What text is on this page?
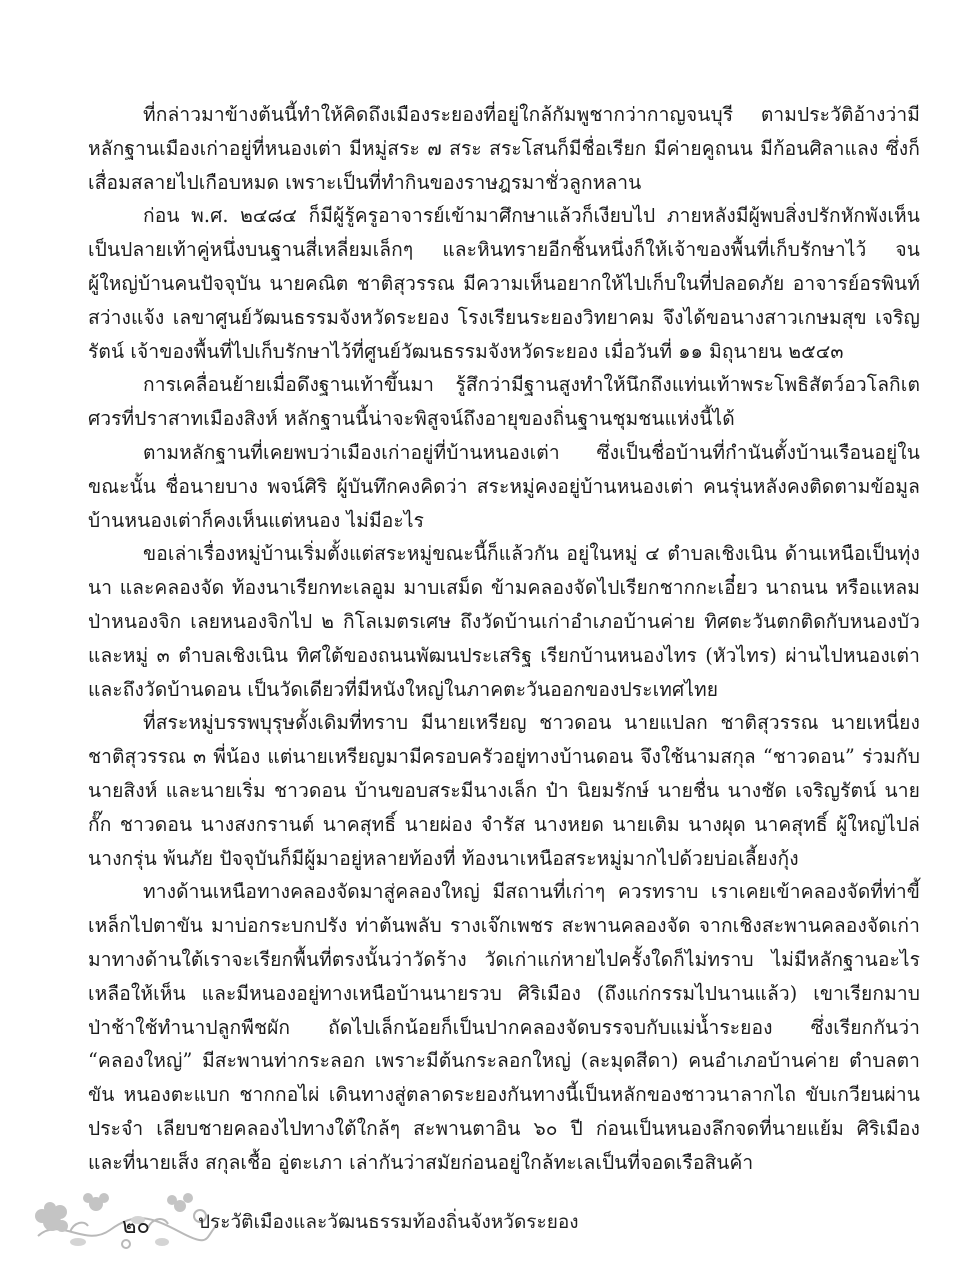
ที่กล่าวมาข้างต้นนี้ทำให้คิดถึงเมืองระยองที่อยู่ใกล้กัมพูชากว่ากาญจนบุรี ตามประวัติอ้างว่ามีหลักฐานเมืองเก่าอยู่ที่หนองเต่า มีหมู่สระ ๗ สระ สระโสนก็มีชื่อเรียก มีค่ายคูถนน มีก้อนศิลาแลง ซึ่งก็เสื่อมสลายไปเกือบหมด เพราะเป็นที่ทำกินของราษฎรมาชั่วลูกหลาน

ก่อน พ.ศ. ๒๔๘๔ ก็มีผู้รู้ครูอาจารย์เข้ามาศึกษาแล้วก็เงียบไป ภายหลังมีผู้พบสิ่งปรักหักพังเห็นเป็นปลายเท้าคู่หนึ่งบนฐานสี่เหลี่ยมเล็กๆ และหินทรายอีกชิ้นหนึ่งก็ให้เจ้าของพื้นที่เก็บรักษาไว้ จนผู้ใหญ่บ้านคนปัจจุบัน นายคณิต ชาติสุวรรณ มีความเห็นอยากให้ไปเก็บในที่ปลอดภัย อาจารย์อรพินท์ สว่างแจ้ง เลขาศูนย์วัฒนธรรมจังหวัดระยอง โรงเรียนระยองวิทยาคม จึงได้ขอนางสาวเกษมสุข เจริญรัตน์ เจ้าของพื้นที่ไปเก็บรักษาไว้ที่ศูนย์วัฒนธรรมจังหวัดระยอง เมื่อวันที่ ๑๑ มิถุนายน ๒๕๔๓

การเคลื่อนย้ายเมื่อดึงฐานเท้าขึ้นมา รู้สึกว่ามีฐานสูงทำให้นึกถึงแท่นเท้าพระโพธิสัตว์อวโลกิเตศวรที่ปราสาทเมืองสิงห์ หลักฐานนี้น่าจะพิสูจน์ถึงอายุของถิ่นฐานชุมชนแห่งนี้ได้

ตามหลักฐานที่เคยพบว่าเมืองเก่าอยู่ที่บ้านหนองเต่า ซึ่งเป็นชื่อบ้านที่กำนันตั้งบ้านเรือนอยู่ในขณะนั้น ชื่อนายบาง พจน์ศิริ ผู้บันทึกคงคิดว่า สระหมู่คงอยู่บ้านหนองเต่า คนรุ่นหลังคงติดตามข้อมูลบ้านหนองเต่าก็คงเห็นแต่หนอง ไม่มีอะไร

ขอเล่าเรื่องหมู่บ้านเริ่มตั้งแต่สระหมู่ขณะนี้ก็แล้วกัน อยู่ในหมู่ ๔ ตำบลเชิงเนิน ด้านเหนือเป็นทุ่งนา และคลองจัด ท้องนาเรียกทะเลอูม มาบเสม็ด ข้ามคลองจัดไปเรียกชากกะเอี๋ยว นาถนน หรือแหลมป่าหนองจิก เลยหนองจิกไป ๒ กิโลเมตรเศษ ถึงวัดบ้านเก่าอำเภอบ้านค่าย ทิศตะวันตกติดกับหนองบัว และหมู่ ๓ ตำบลเชิงเนิน ทิศใต้ของถนนพัฒนประเสริฐ เรียกบ้านหนองไทร (หัวไทร) ผ่านไปหนองเต่าและถึงวัดบ้านดอน เป็นวัดเดียวที่มีหนังใหญ่ในภาคตะวันออกของประเทศไทย

ที่สระหมู่บรรพบุรุษดั้งเดิมที่ทราบ มีนายเหรียญ ชาวดอน นายแปลก ชาติสุวรรณ นายเหนี่ยง ชาติสุวรรณ ๓ พี่น้อง แต่นายเหรียญมามีครอบครัวอยู่ทางบ้านดอน จึงใช้นามสกุล “ชาวดอน” ร่วมกับนายสิงห์ และนายเริ่ม ชาวดอน บ้านขอบสระมีนางเล็ก ป๋า นิยมรักษ์ นายชื่น นางชัด เจริญรัตน์ นายกั๊ก ชาวดอน นางสงกรานต์ นาคสุทธิ์ นายผ่อง จำรัส นางหยด นายเติม นางผุด นาคสุทธิ์ ผู้ใหญ่ไปล่ นางกรุ่น พ้นภัย ปัจจุบันก็มีผู้มาอยู่หลายท้องที่ ท้องนาเหนือสระหมู่มากไปด้วยบ่อเลี้ยงกุ้ง

ทางด้านเหนือทางคลองจัดมาสู่คลองใหญ่ มีสถานที่เก่าๆ ควรทราบ เราเคยเข้าคลองจัดที่ท่าขี้เหล็กไปตาขัน มาบ่อกระบกปรัง ท่าต้นพลับ รางเจ๊กเพชร สะพานคลองจัด จากเชิงสะพานคลองจัดเก่า มาทางด้านใต้เราจะเรียกพื้นที่ตรงนั้นว่าวัดร้าง วัดเก่าแก่หายไปครั้งใดก็ไม่ทราบ ไม่มีหลักฐานอะไรเหลือให้เห็น และมีหนองอยู่ทางเหนือบ้านนายรวบ ศิริเมือง (ถึงแก่กรรมไปนานแล้ว) เขาเรียกมาบป่าช้าใช้ทำนาปลูกพืชผัก ถัดไปเล็กน้อยก็เป็นปากคลองจัดบรรจบกับแม่น้ำระยอง ซึ่งเรียกกันว่า “คลองใหญ่” มีสะพานท่ากระลอก เพราะมีต้นกระลอกใหญ่ (ละมุดสีดา) คนอำเภอบ้านค่าย ตำบลตาขัน หนองตะแบก ชากกอไผ่ เดินทางสู่ตลาดระยองกันทางนี้เป็นหลักของชาวนาลากไถ ขับเกวียนผ่านประจำ เลียบชายคลองไปทางใต้ใกล้ๆ สะพานตาอิน ๖๐ ปี ก่อนเป็นหนองลึกจดที่นายแย้ม ศิริเมือง และที่นายเส็ง สกุลเชื้อ อู่ตะเภา เล่ากันว่าสมัยก่อนอยู่ใกล้ทะเลเป็นที่จอดเรือสินค้า

๒๐	ประวัติเมืองและวัฒนธรรมท้องถิ่นจังหวัดระยอง
